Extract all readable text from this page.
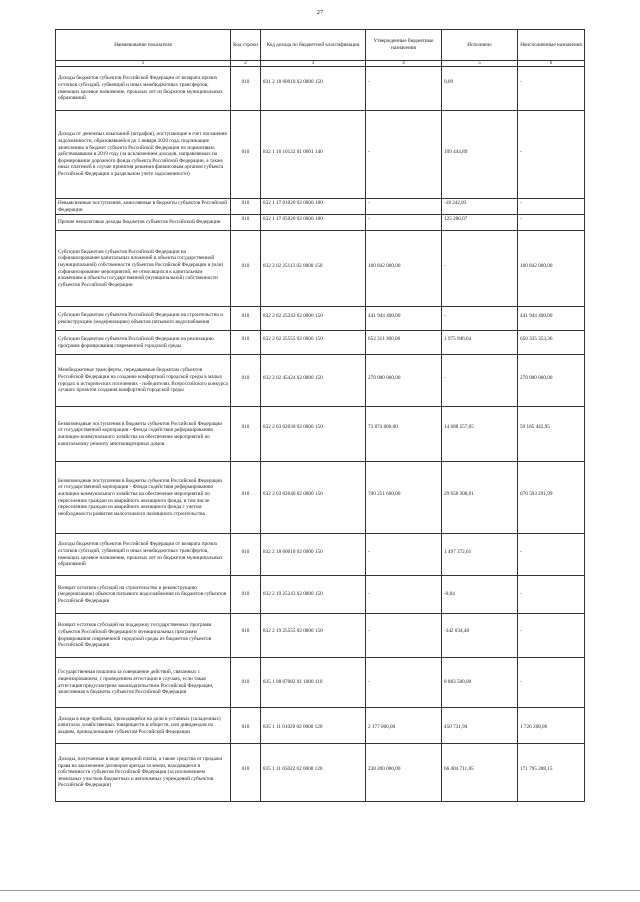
27
Наименование показателя	Код строки	Код дохода по бюджетной классификации	Утвержденные бюджетные назначения	Исполнено	Неисполненные назначения
1	2	3	4	5	6
Доходы бюджетов субъектов Российской Федерации от возврата прочих остатков субсидий, субвенций и иных межбюджетных трансфертов, имеющих целевое назначение, прошлых лет из бюджетов муниципальных образований	010	831 2 18 60010 02 0000 150	-	0,09	-
Доходы от денежных взысканий (штрафов), поступающие в счет погашения задолженности, образовавшейся до 1 января 2020 года, подлежащие зачислению в бюджет субъекта Российской Федерации по нормативам, действовавшим в 2019 году (за исключением доходов, направляемых на формирование дорожного фонда субъекта Российской Федерации, а также иных платежей в случае принятия решения финансовым органом субъекта Российской Федерации о раздельном учете задолженности)	010	832 1 16 10122 01 0001 140	-	109 444,89	-
Невыясненные поступления, зачисляемые в бюджеты субъектов Российской Федерации	010	832 1 17 01020 02 0000 180	-	-18 242,83	-
Прочие неналоговые доходы бюджетов субъектов Российской Федерации	010	832 1 17 05020 02 0000 180	-	125 286,07	-
Субсидии бюджетам субъектов Российской Федерации на софинансирование капитальных вложений в объекты государственной (муниципальной) собственности субъектов Российской Федерации и (или) софинансирование мероприятий, не относящихся к капитальным вложениям в объекты государственной (муниципальной) собственности субъектов Российской Федерации	010	832 2 02 25113 02 0000 150	160 842 000,00	-	160 842 000,00
Субсидии бюджетам субъектов Российской Федерации на строительство и реконструкцию (модернизацию) объектов питьевого водоснабжения	010	832 2 02 25243 02 0000 150	441 944 400,00	-	441 944 400,00
Субсидии бюджетам субъектов Российской Федерации на реализацию программ формирования современной городской среды	010	832 2 02 25555 02 0000 150	652 311 300,00	1 975 946,64	650 335 353,36
Межбюджетные трансферты, передаваемые бюджетам субъектов Российской Федерации на создание комфортной городской среды в малых городах и исторических поселениях - победителях Всероссийского конкурса лучших проектов создания комфортной городской среды	010	832 2 02 45424 02 0000 150	270 000 000,00	-	270 000 000,00
Безвозмездные поступления в бюджеты субъектов Российской Федерации от государственной корпорации - Фонда содействия реформированию жилищно-коммунального хозяйства на обеспечение мероприятий по капитальному ремонту многоквартирных домов	010	832 2 03 02030 02 0000 150	73 874 000,00	14 688 557,05	59 185 442,95
Безвозмездные поступления в бюджеты субъектов Российской Федерации от государственной корпорации - Фонда содействия реформированию жилищно-коммунального хозяйства на обеспечение мероприятий по переселению граждан из аварийного жилищного фонда, в том числе переселению граждан из аварийного жилищного фонда с учетом необходимости развития малоэтажного жилищного строительства	010	832 2 03 02040 02 0000 150	700 251 600,00	29 658 308,01	670 593 291,99
Доходы бюджетов субъектов Российской Федерации от возврата прочих остатков субсидий, субвенций и иных межбюджетных трансфертов, имеющих целевое назначение, прошлых лет из бюджетов муниципальных образований	010	832 2 18 60010 02 0000 150	-	1 497 372,61	-
Возврат остатков субсидий на строительство и реконструкцию (модернизацию) объектов питьевого водоснабжения из бюджетов субъектов Российской Федерации	010	832 2 19 25243 02 0000 150	-	-0,04	-
Возврат остатков субсидий на поддержку государственных программ субъектов Российской Федерации и муниципальных программ формирования современной городской среды из бюджетов субъектов Российской Федерации	010	832 2 19 25555 02 0000 150	-	-342 034,48	-
Государственная пошлина за совершение действий, связанных с лицензированием, с проведением аттестации в случаях, если такая аттестация предусмотрена законодательством Российской Федерации, зачисляемая в бюджеты субъектов Российской Федерации	010	835 1 08 07082 01 1000 110	-	8 883 500,00	-
Доходы в виде прибыли, приходящейся на доли в уставных (складочных) капиталах хозяйственных товариществ и обществ, или дивидендов по акциям, принадлежащим субъектам Российской Федерации	010	835 1 11 01020 02 0000 120	2 177 000,00	450 731,94	1 726 268,06
Доходы, получаемые в виде арендной платы, а также средства от продажи права на заключение договоров аренды за земли, находящиеся в собственности субъектов Российской Федерации (за исключением земельных участков бюджетных и автономных учреждений субъектов Российской Федерации)	010	835 1 11 05022 02 0000 120	238 200 000,00	66 404 711,85	171 795 288,15
